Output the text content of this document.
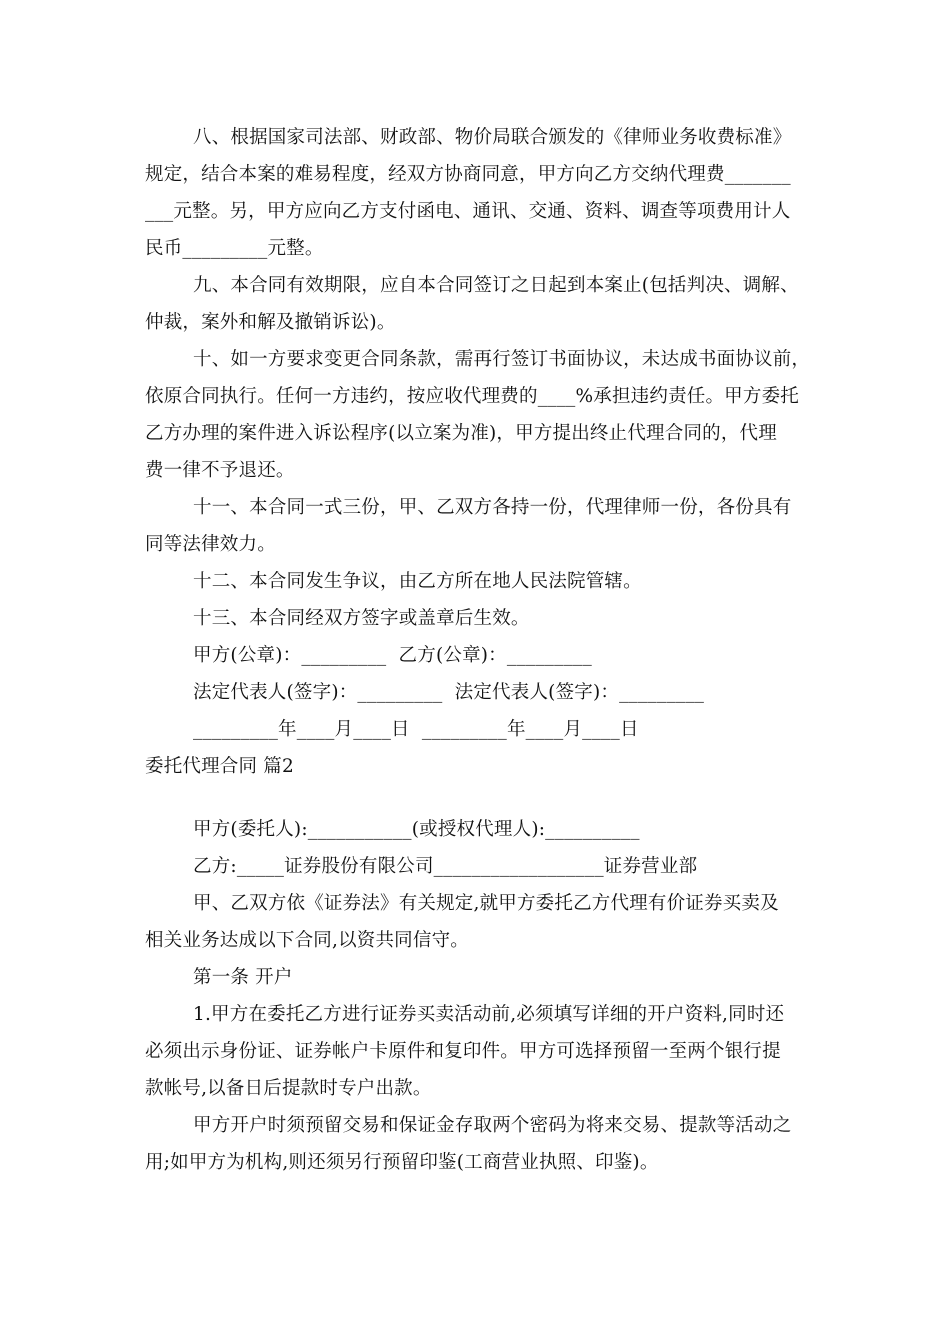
八、根据国家司法部、财政部、物价局联合颁发的《律师业务收费标准》
规定，结合本案的难易程度，经双方协商同意，甲方向乙方交纳代理费_______
___元整。另，甲方应向乙方支付函电、通讯、交通、资料、调查等项费用计人
民币_________元整。
九、本合同有效期限，应自本合同签订之日起到本案止(包括判决、调解、
仲裁，案外和解及撤销诉讼)。
十、如一方要求变更合同条款，需再行签订书面协议，未达成书面协议前，
依原合同执行。任何一方违约，按应收代理费的____%承担违约责任。甲方委托
乙方办理的案件进入诉讼程序(以立案为准)，甲方提出终止代理合同的，代理
费一律不予退还。
十一、本合同一式三份，甲、乙双方各持一份，代理律师一份，各份具有
同等法律效力。
十二、本合同发生争议，由乙方所在地人民法院管辖。
十三、本合同经双方签字或盖章后生效。
甲方(公章)：_________  乙方(公章)：_________
法定代表人(签字)：_________  法定代表人(签字)：_________
_________年____月____日  _________年____月____日
委托代理合同 篇2
甲方(委托人):___________(或授权代理人):__________
乙方:_____证券股份有限公司__________________证券营业部
甲、乙双方依《证券法》有关规定,就甲方委托乙方代理有价证券买卖及
相关业务达成以下合同,以资共同信守。
第一条 开户
1.甲方在委托乙方进行证券买卖活动前,必须填写详细的开户资料,同时还
必须出示身份证、证券帐户卡原件和复印件。甲方可选择预留一至两个银行提
款帐号,以备日后提款时专户出款。
甲方开户时须预留交易和保证金存取两个密码为将来交易、提款等活动之
用;如甲方为机构,则还须另行预留印鉴(工商营业执照、印鉴)。
